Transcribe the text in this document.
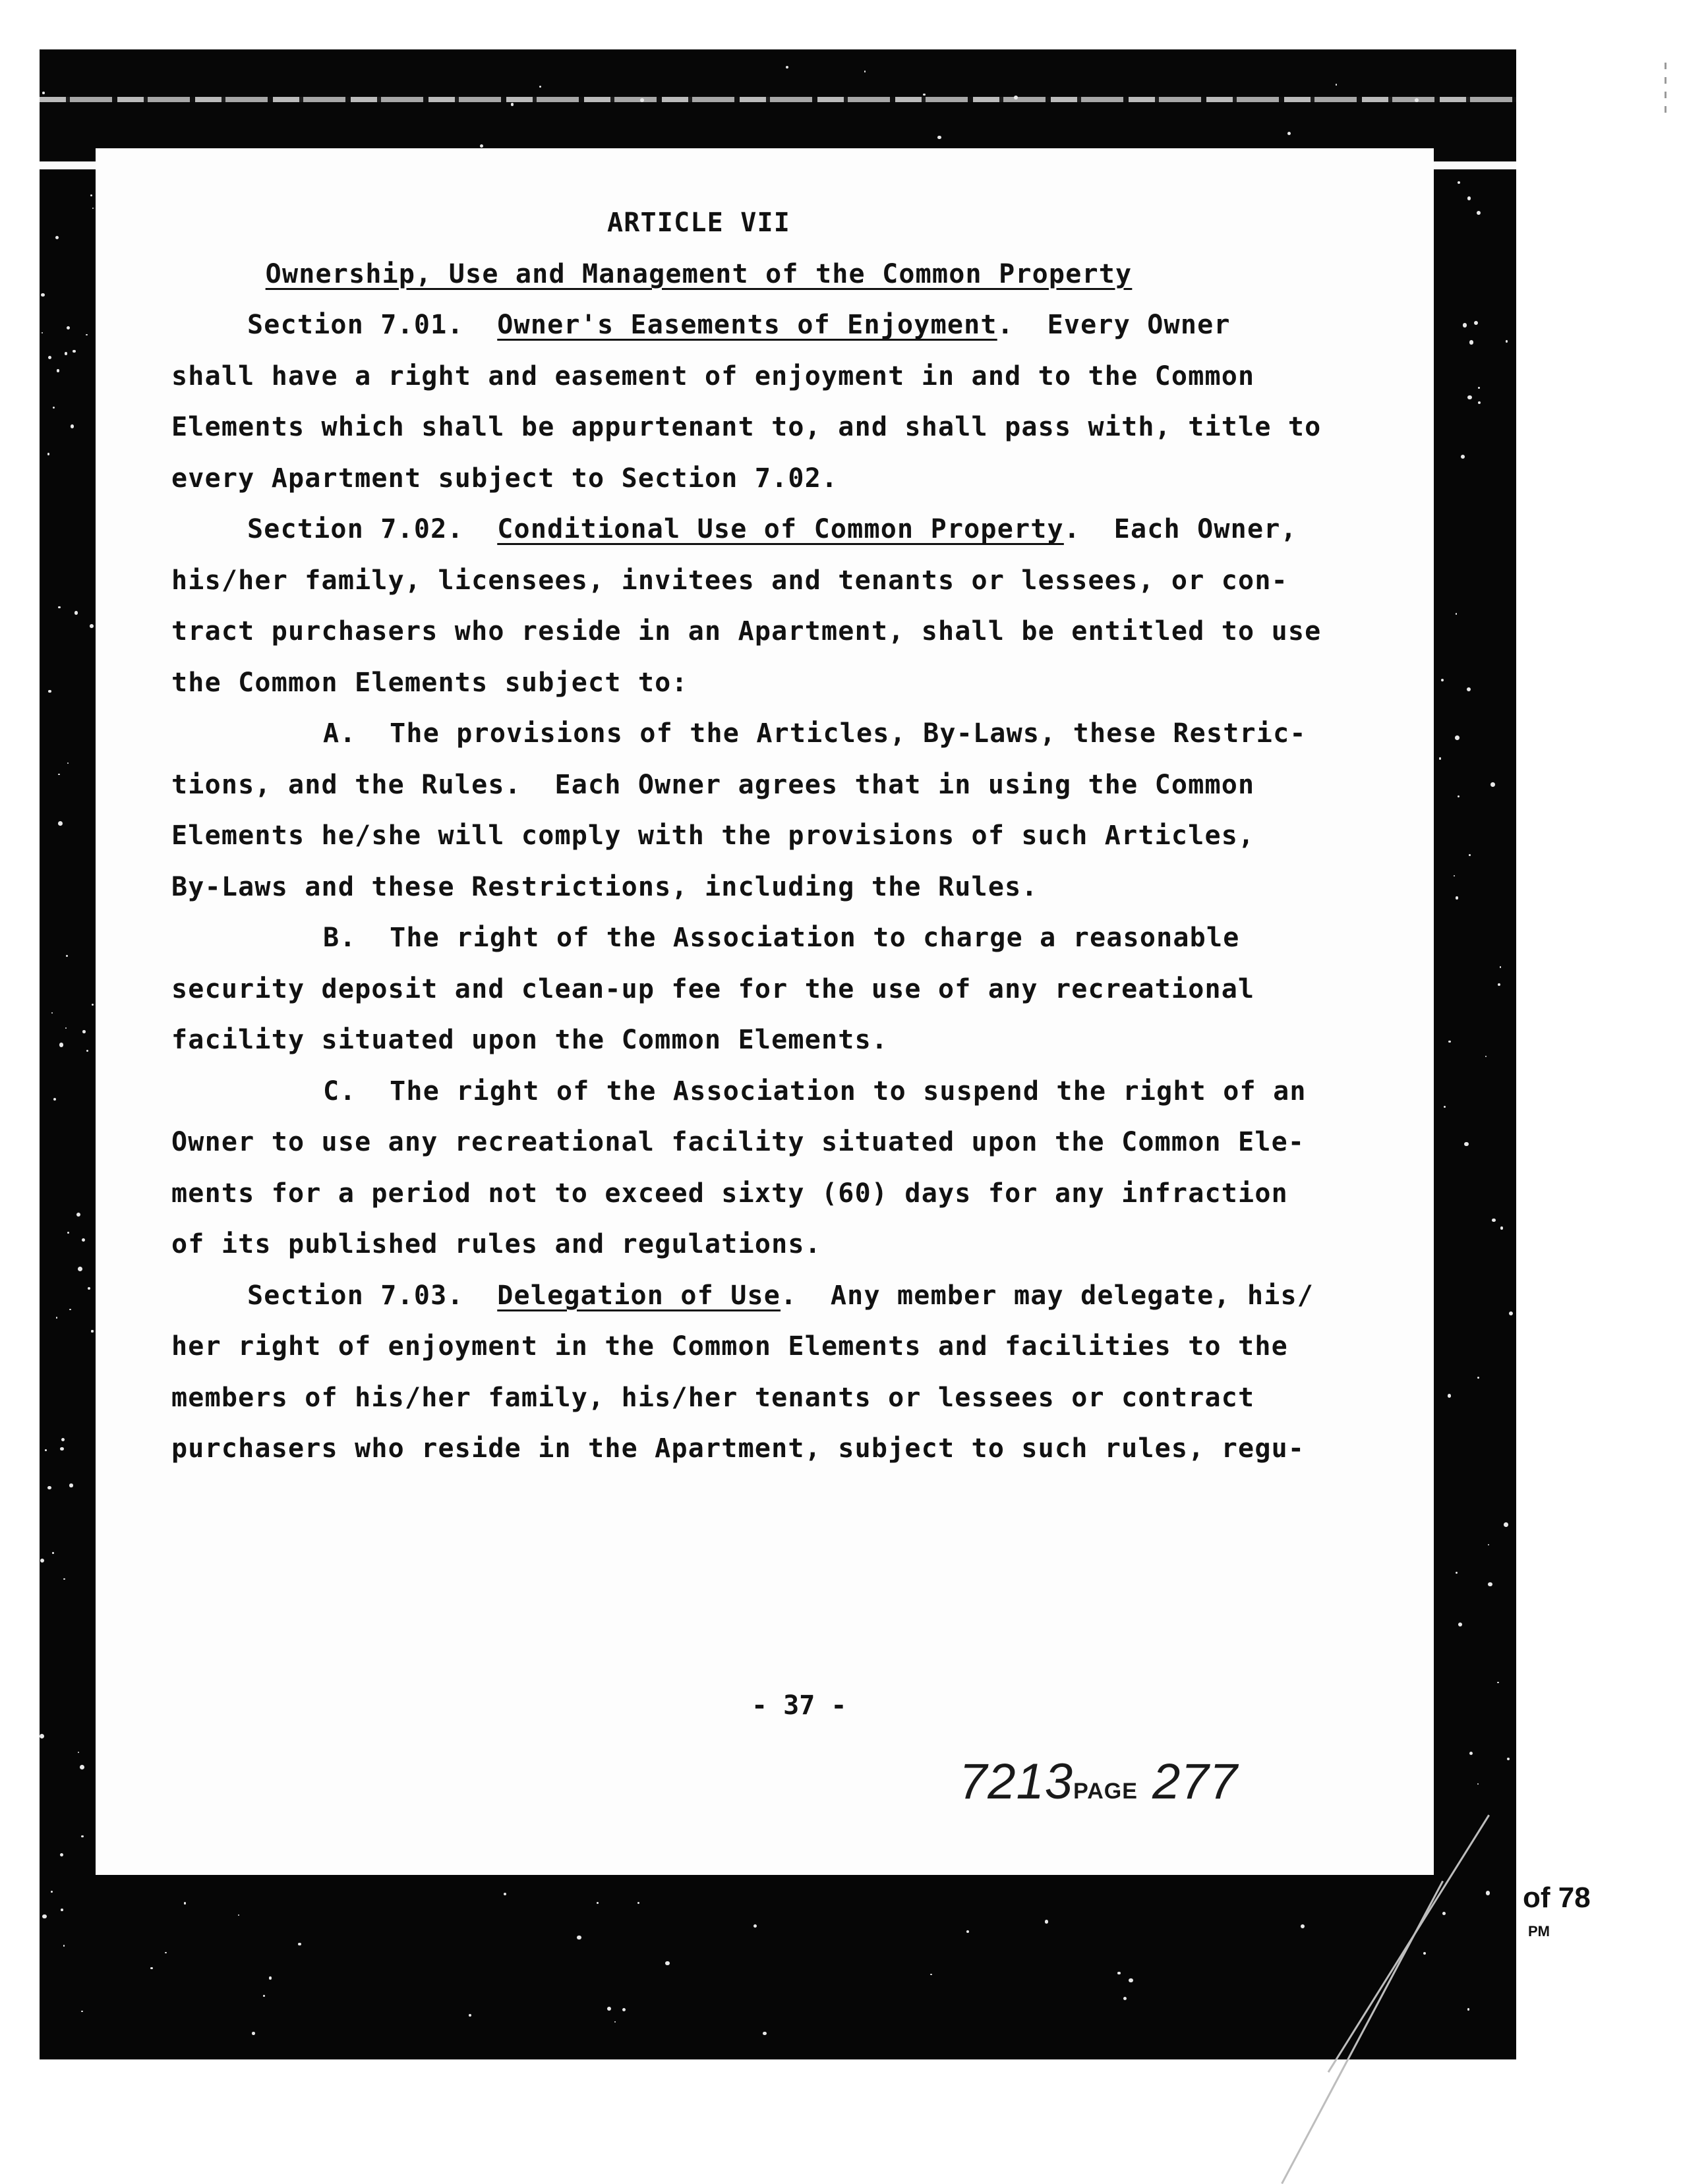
ARTICLE VII
Ownership, Use and Management of the Common Property
Section 7.01. Owner's Easements of Enjoyment.  Every Owner
shall have a right and easement of enjoyment in and to the Common
Elements which shall be appurtenant to, and shall pass with, title to
every Apartment subject to Section 7.02.
Section 7.02. Conditional Use of Common Property.  Each Owner,
his/her family, licensees, invitees and tenants or lessees, or con-
tract purchasers who reside in an Apartment, shall be entitled to use
the Common Elements subject to:
A.  The provisions of the Articles, By-Laws, these Restric-
tions, and the Rules.  Each Owner agrees that in using the Common
Elements he/she will comply with the provisions of such Articles,
By-Laws and these Restrictions, including the Rules.
B.  The right of the Association to charge a reasonable
security deposit and clean-up fee for the use of any recreational
facility situated upon the Common Elements.
C.  The right of the Association to suspend the right of an
Owner to use any recreational facility situated upon the Common Ele-
ments for a period not to exceed sixty (60) days for any infraction
of its published rules and regulations.
Section 7.03. Delegation of Use.  Any member may delegate, his/
her right of enjoyment in the Common Elements and facilities to the
members of his/her family, his/her tenants or lessees or contract
purchasers who reside in the Apartment, subject to such rules, regu-
- 37 -
7213PAGE 277
of 78
PM
